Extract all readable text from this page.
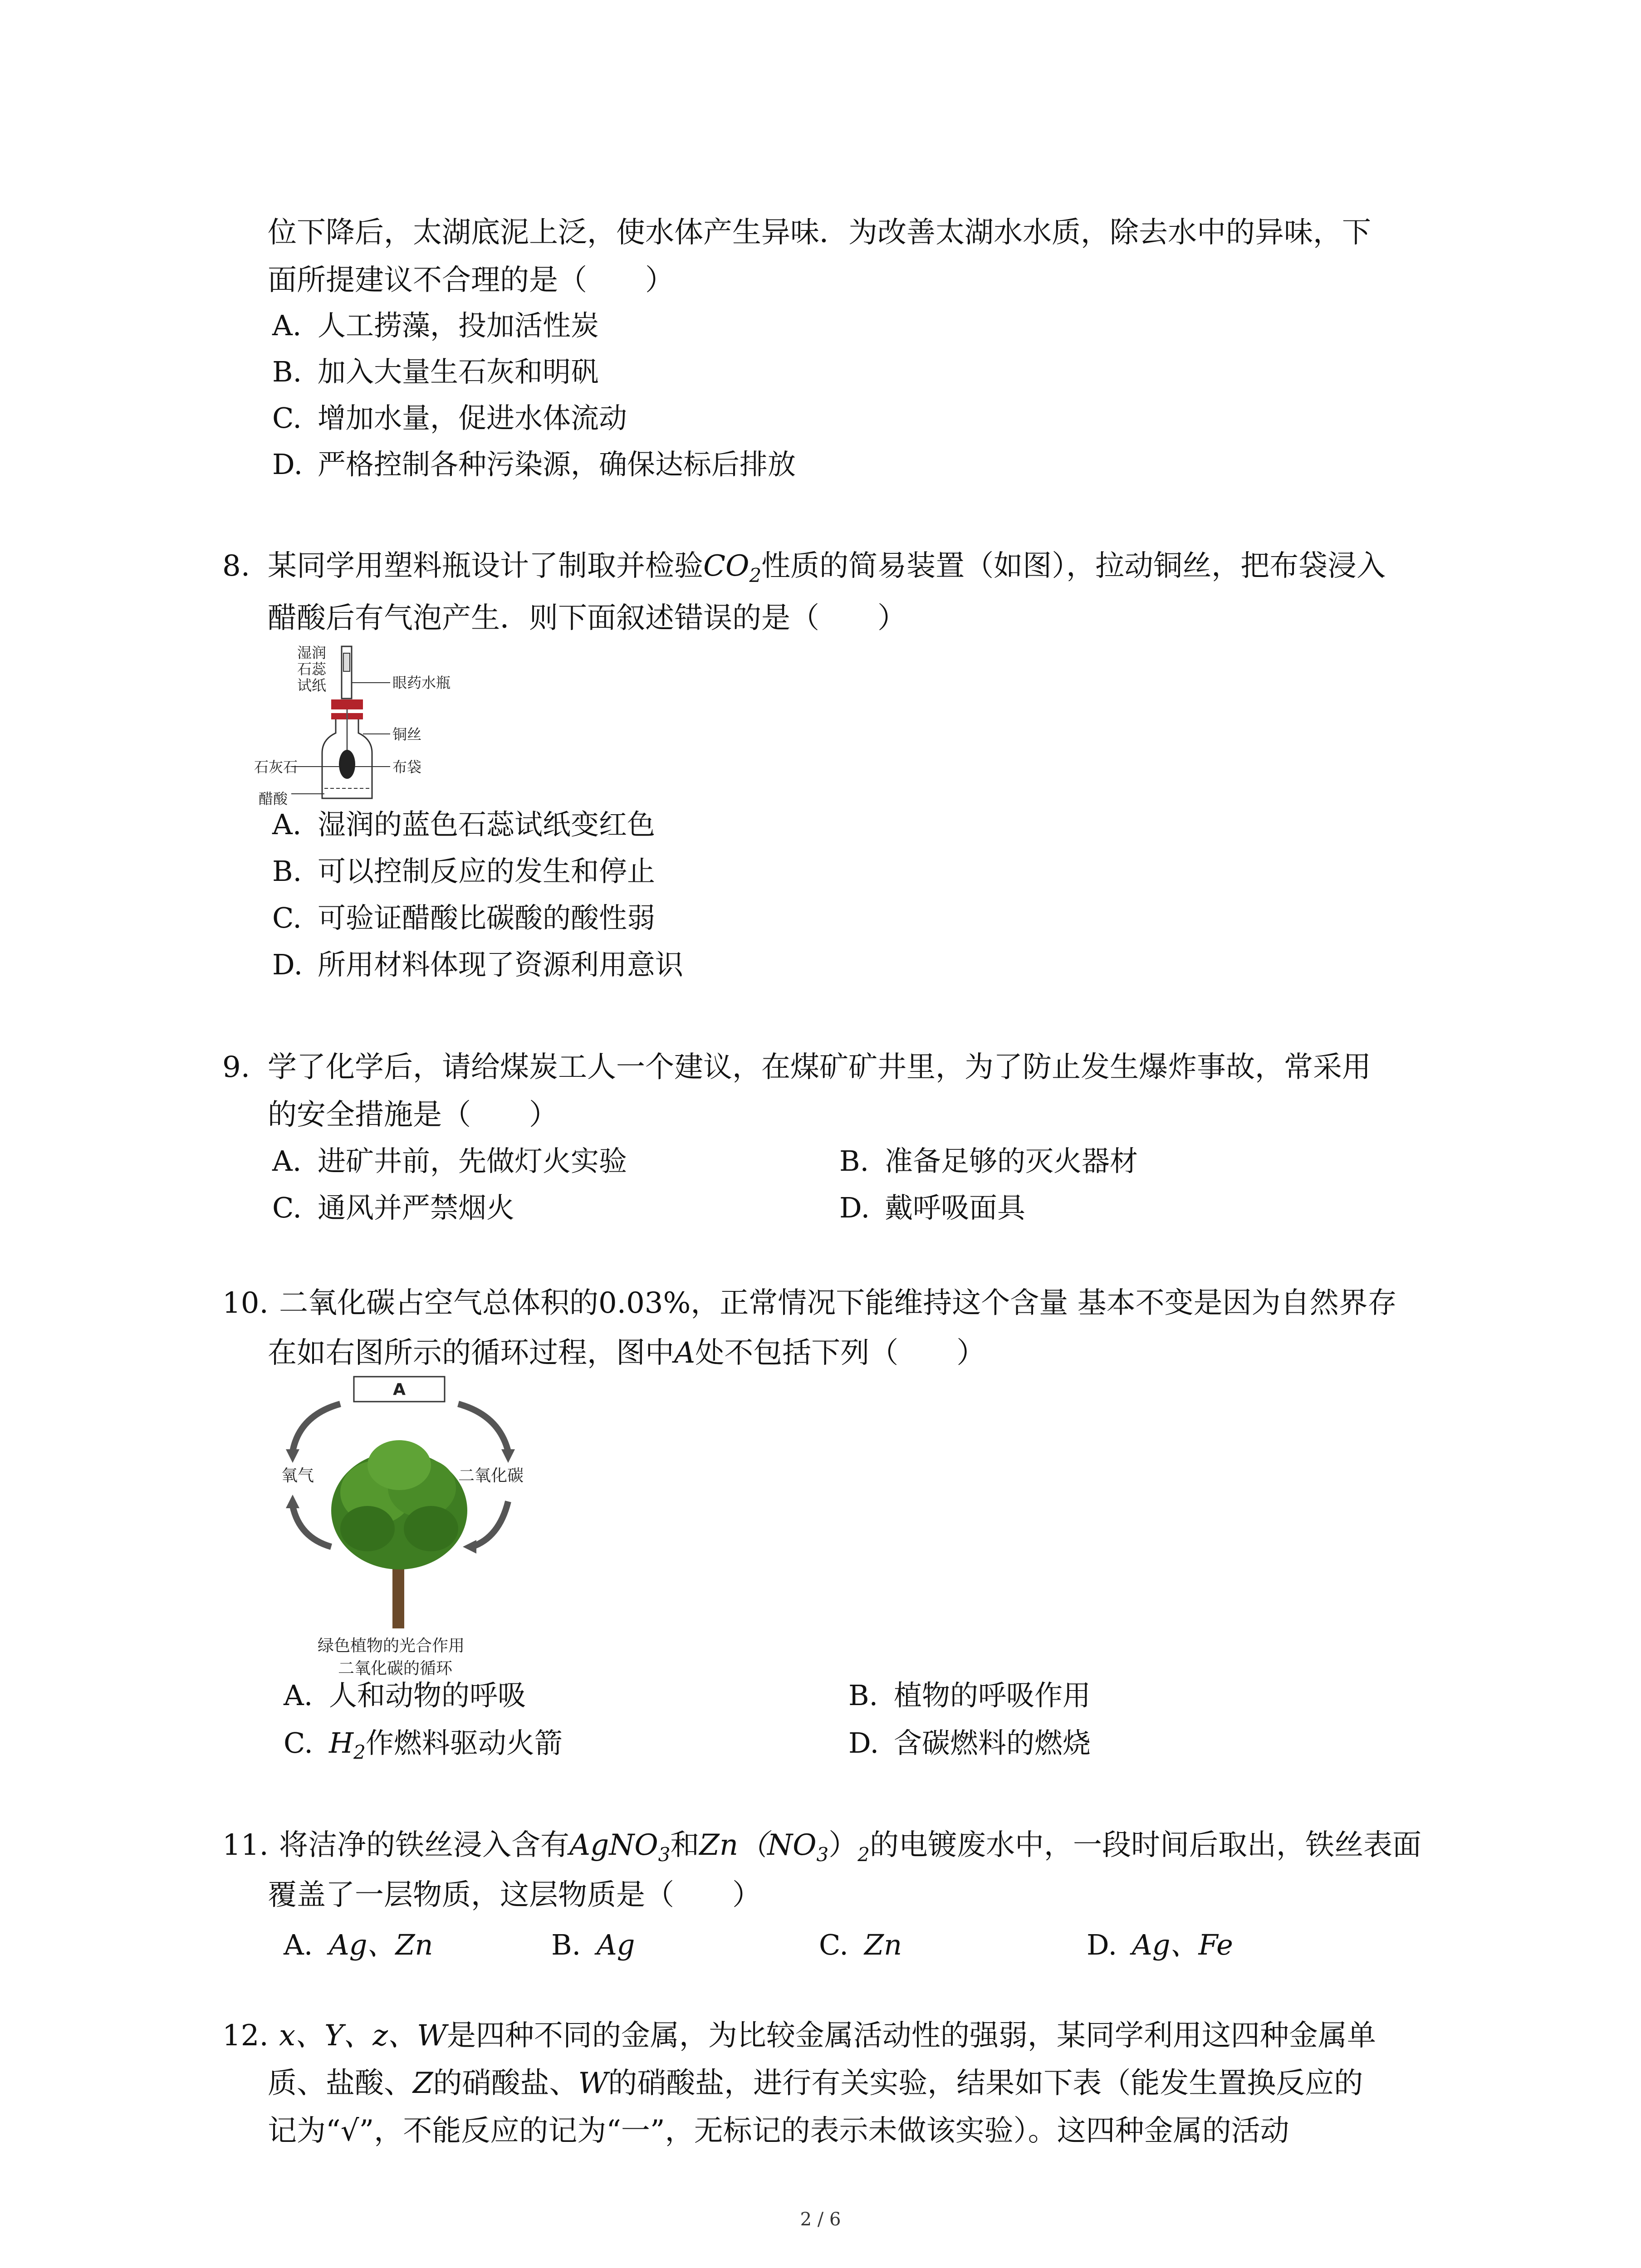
位下降后，太湖底泥上泛，使水体产生异味．为改善太湖水水质，除去水中的异味，下
面所提建议不合理的是（　　）
A. 人工捞藻，投加活性炭
B. 加入大量生石灰和明矾
C. 增加水量，促进水体流动
D. 严格控制各种污染源，确保达标后排放
8. 某同学用塑料瓶设计了制取并检验$CO_2$性质的简易装置（如图），拉动铜丝，把布袋浸入
醋酸后有气泡产生．则下面叙述错误的是（　　）
湿润
石蕊
试纸	眼药水瓶
铜丝
布袋
石灰石
醋酸
A. 湿润的蓝色石蕊试纸变红色
B. 可以控制反应的发生和停止
C. 可验证醋酸比碳酸的酸性弱
D. 所用材料体现了资源利用意识
9. 学了化学后，请给煤炭工人一个建议，在煤矿矿井里，为了防止发生爆炸事故，常采用
的安全措施是（　　）
A. 进矿井前，先做灯火实验	B. 准备足够的灭火器材
C. 通风并严禁烟火	D. 戴呼吸面具
10. 二氧化碳占空气总体积的0.03%，正常情况下能维持这个含量 基本不变是因为自然界存
在如右图所示的循环过程，图中A处不包括下列（　　）
A
氧气	二氧化碳
绿色植物的光合作用
二氧化碳的循环
A. 人和动物的呼吸	B. 植物的呼吸作用
C. $H_2$作燃料驱动火箭	D. 含碳燃料的燃烧
11. 将洁净的铁丝浸入含有AgNO$_3$和$Zn(NO_3)_2$的电镀废水中，一段时间后取出，铁丝表面
覆盖了一层物质，这层物质是（　　）
A. Ag、Zn	B. Ag	C. Zn	D. Ag、Fe
12. x、Y、z、W是四种不同的金属，为比较金属活动性的强弱，某同学利用这四种金属单
质、盐酸、Z的硝酸盐、W的硝酸盐，进行有关实验，结果如下表（能发生置换反应的
记为“√”，不能反应的记为“一”，无标记的表示未做该实验）。这四种金属的活动
2 / 6
